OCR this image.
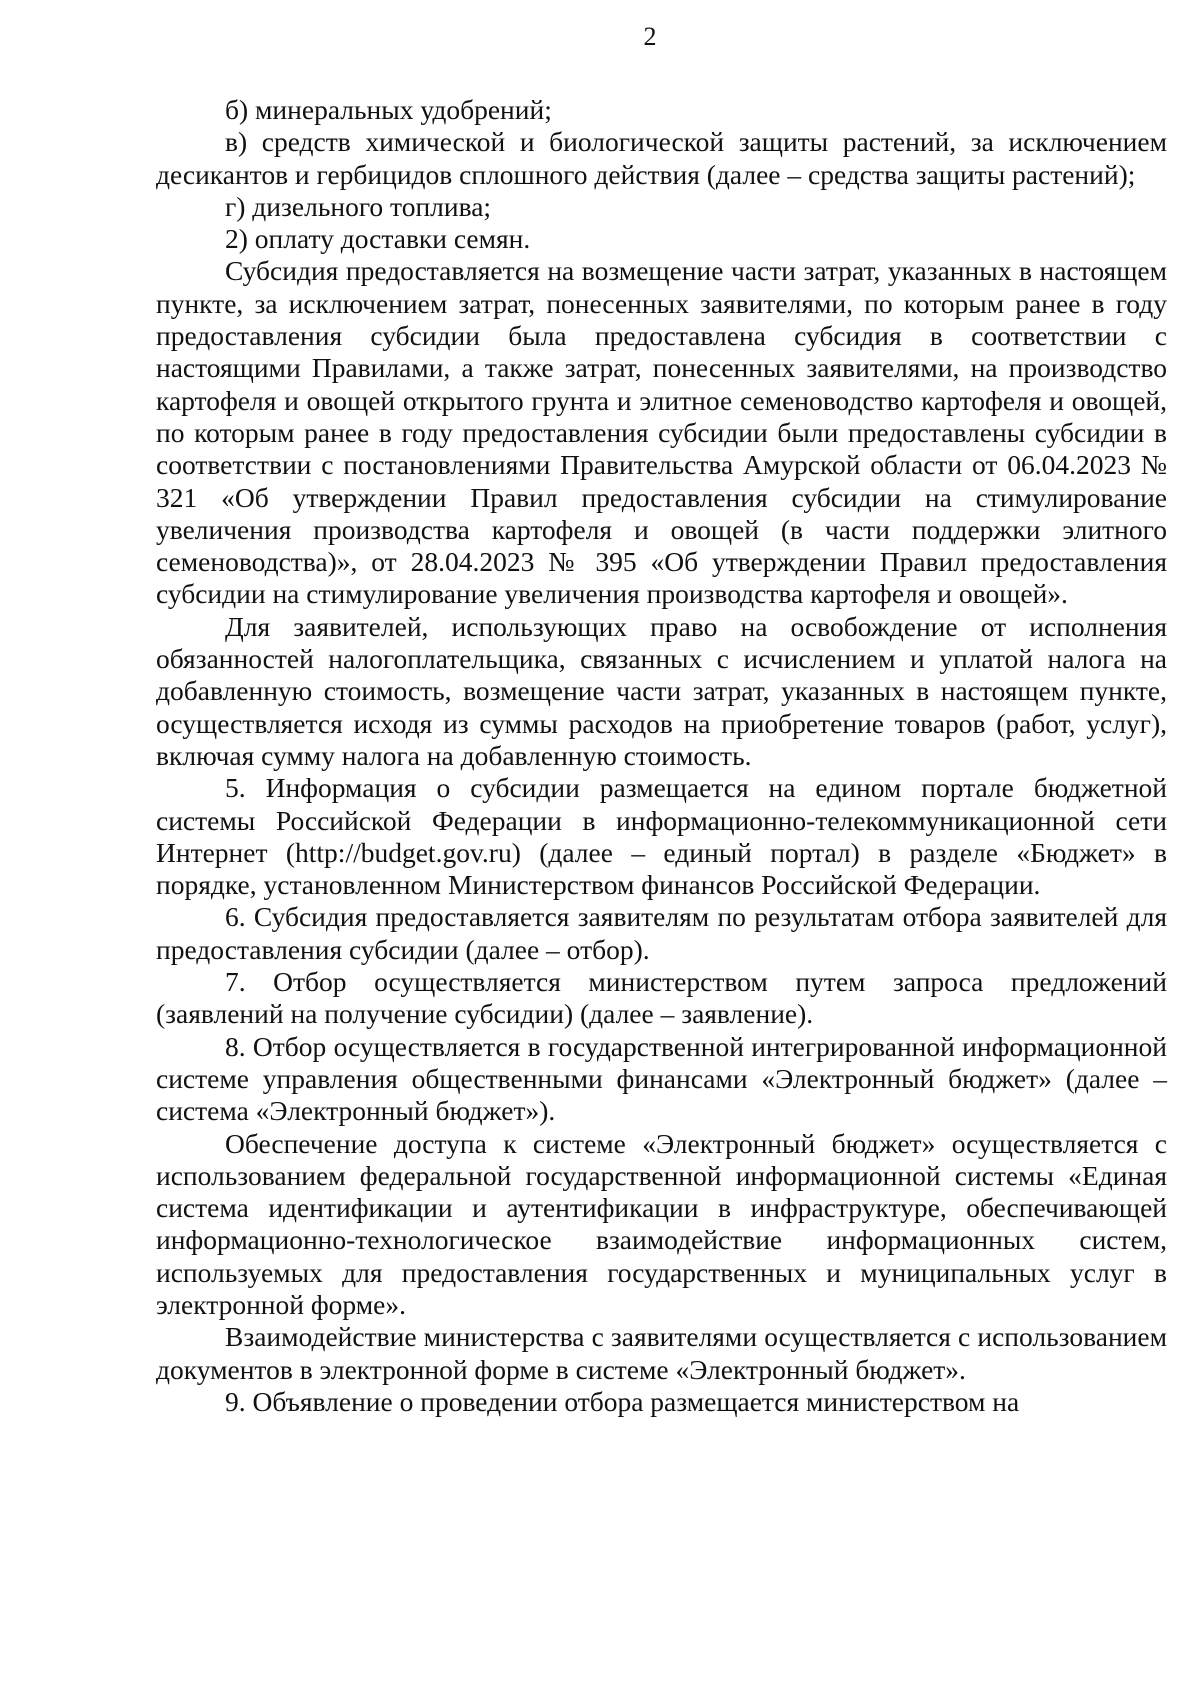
2

б) минеральных удобрений;

в) средств химической и биологической защиты растений, за исключением десикантов и гербицидов сплошного действия (далее – средства защиты растений);

г) дизельного топлива;

2) оплату доставки семян.

Субсидия предоставляется на возмещение части затрат, указанных в настоящем пункте, за исключением затрат, понесенных заявителями, по которым ранее в году предоставления субсидии была предоставлена субсидия в соответствии с настоящими Правилами, а также затрат, понесенных заявителями, на производство картофеля и овощей открытого грунта и элитное семеноводство картофеля и овощей, по которым ранее в году предоставления субсидии были предоставлены субсидии в соответствии с постановлениями Правительства Амурской области от 06.04.2023 № 321 «Об утверждении Правил предоставления субсидии на стимулирование увеличения производства картофеля и овощей (в части поддержки элитного семеноводства)», от 28.04.2023 № 395 «Об утверждении Правил предоставления субсидии на стимулирование увеличения производства картофеля и овощей».

Для заявителей, использующих право на освобождение от исполнения обязанностей налогоплательщика, связанных с исчислением и уплатой налога на добавленную стоимость, возмещение части затрат, указанных в настоящем пункте, осуществляется исходя из суммы расходов на приобретение товаров (работ, услуг), включая сумму налога на добавленную стоимость.

5. Информация о субсидии размещается на едином портале бюджетной системы Российской Федерации в информационно-телекоммуникационной сети Интернет (http://budget.gov.ru) (далее – единый портал) в разделе «Бюджет» в порядке, установленном Министерством финансов Российской Федерации.

6. Субсидия предоставляется заявителям по результатам отбора заявителей для предоставления субсидии (далее – отбор).

7. Отбор осуществляется министерством путем запроса предложений (заявлений на получение субсидии) (далее – заявление).

8. Отбор осуществляется в государственной интегрированной информационной системе управления общественными финансами «Электронный бюджет» (далее – система «Электронный бюджет»).

Обеспечение доступа к системе «Электронный бюджет» осуществляется с использованием федеральной государственной информационной системы «Единая система идентификации и аутентификации в инфраструктуре, обеспечивающей информационно-технологическое взаимодействие информационных систем, используемых для предоставления государственных и муниципальных услуг в электронной форме».

Взаимодействие министерства с заявителями осуществляется с использованием документов в электронной форме в системе «Электронный бюджет».

9. Объявление о проведении отбора размещается министерством на
